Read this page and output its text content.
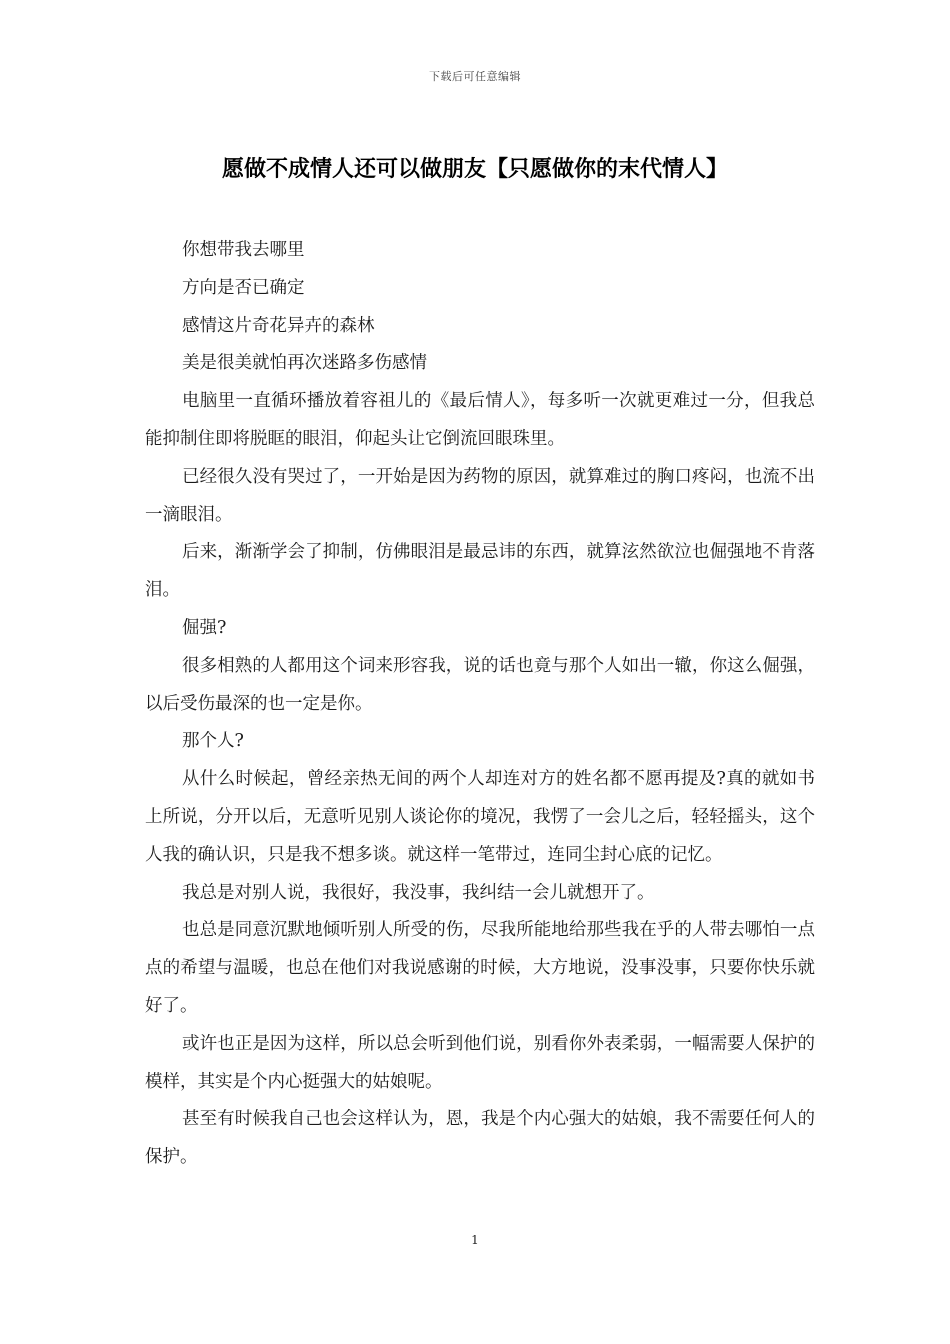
下载后可任意编辑
愿做不成情人还可以做朋友【只愿做你的末代情人】

你想带我去哪里

方向是否已确定

感情这片奇花异卉的森林

美是很美就怕再次迷路多伤感情

电脑里一直循环播放着容祖儿的《最后情人》，每多听一次就更难过一分，但我总能抑制住即将脱眶的眼泪，仰起头让它倒流回眼珠里。

已经很久没有哭过了，一开始是因为药物的原因，就算难过的胸口疼闷，也流不出一滴眼泪。

后来，渐渐学会了抑制，仿佛眼泪是最忌讳的东西，就算泫然欲泣也倔强地不肯落泪。

倔强?

很多相熟的人都用这个词来形容我，说的话也竟与那个人如出一辙，你这么倔强，以后受伤最深的也一定是你。

那个人?

从什么时候起，曾经亲热无间的两个人却连对方的姓名都不愿再提及?真的就如书上所说，分开以后，无意听见别人谈论你的境况，我愣了一会儿之后，轻轻摇头，这个人我的确认识，只是我不想多谈。就这样一笔带过，连同尘封心底的记忆。

我总是对别人说，我很好，我没事，我纠结一会儿就想开了。

也总是同意沉默地倾听别人所受的伤，尽我所能地给那些我在乎的人带去哪怕一点点的希望与温暖，也总在他们对我说感谢的时候，大方地说，没事没事，只要你快乐就好了。

或许也正是因为这样，所以总会听到他们说，别看你外表柔弱，一幅需要人保护的模样，其实是个内心挺强大的姑娘呢。

甚至有时候我自己也会这样认为，恩，我是个内心强大的姑娘，我不需要任何人的保护。

1
